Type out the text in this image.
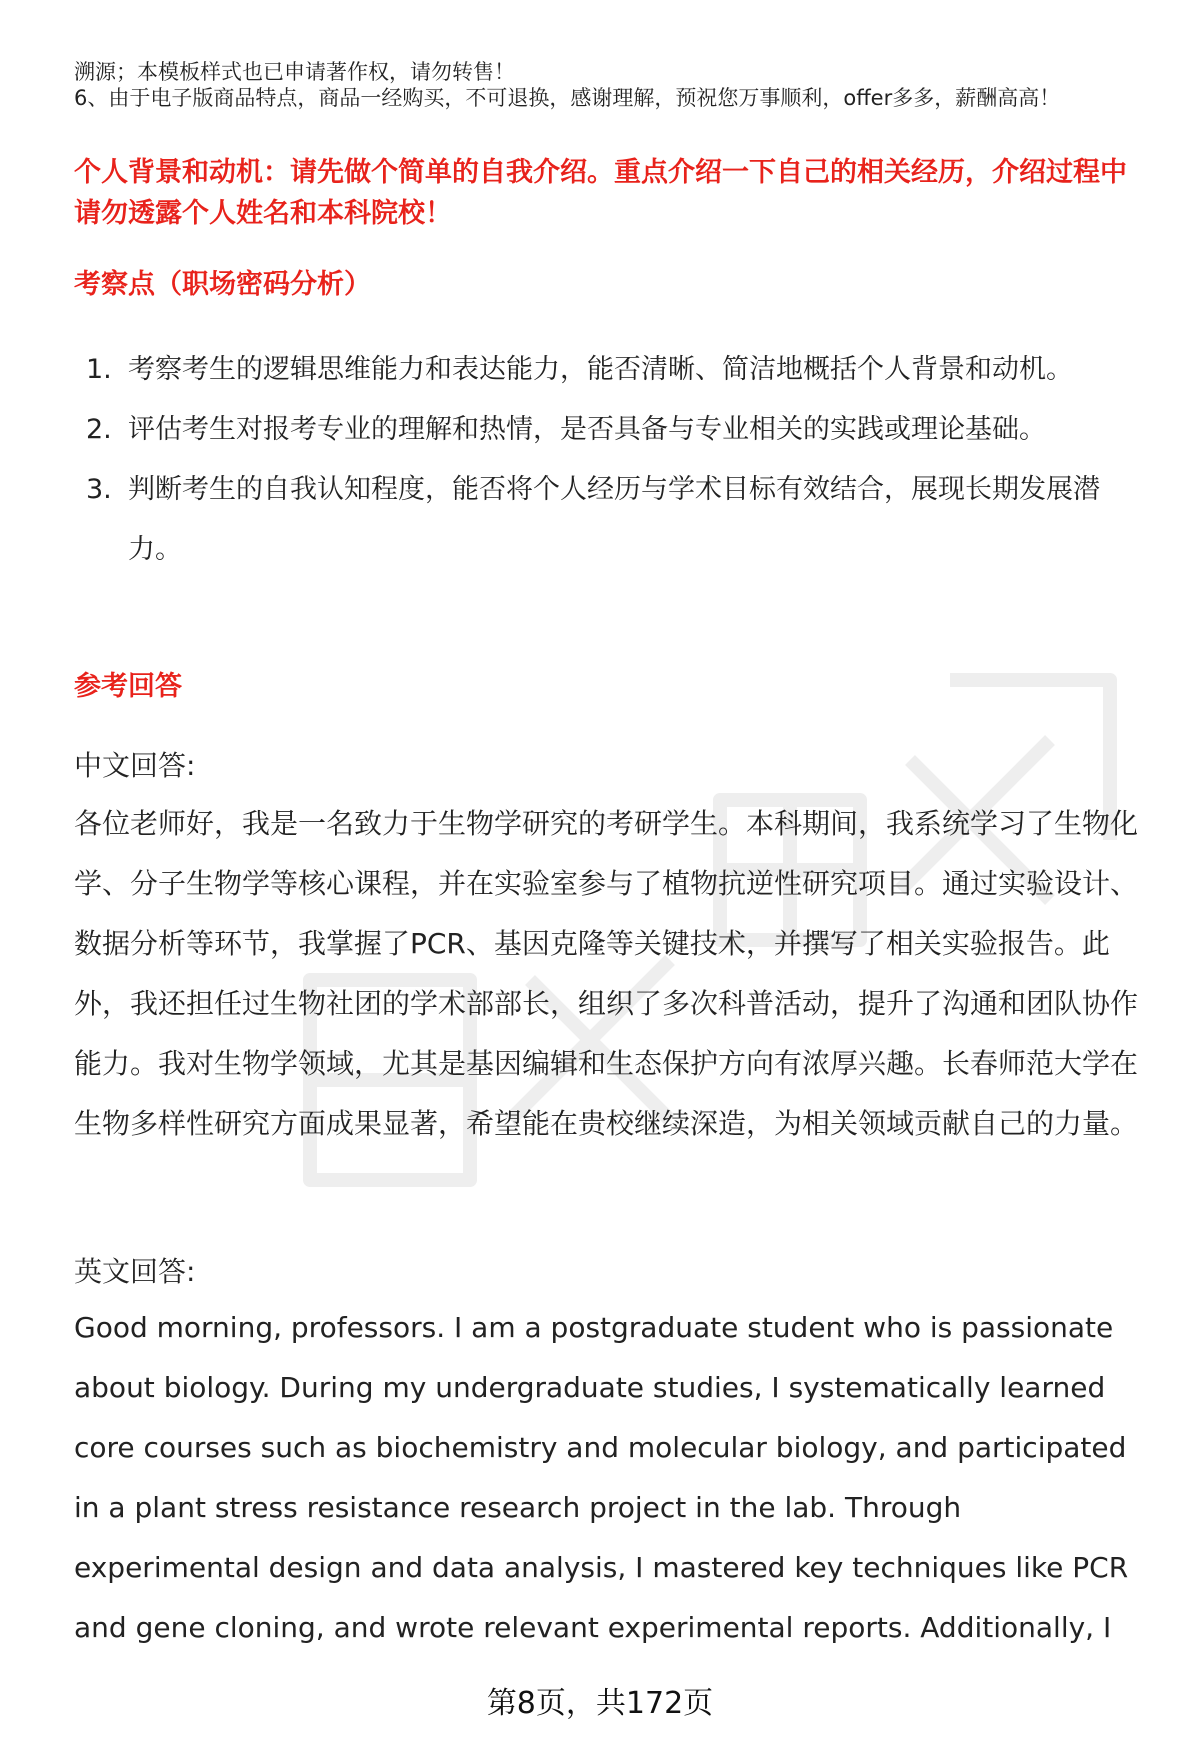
溯源；本模板样式也已申请著作权，请勿转售！
6、由于电子版商品特点，商品一经购买，不可退换，感谢理解，预祝您万事顺利，offer多多，薪酬高高！
个人背景和动机：请先做个简单的自我介绍。重点介绍一下自己的相关经历，介绍过程中请勿透露个人姓名和本科院校！
考察点（职场密码分析）
1. 考察考生的逻辑思维能力和表达能力，能否清晰、简洁地概括个人背景和动机。
2. 评估考生对报考专业的理解和热情，是否具备与专业相关的实践或理论基础。
3. 判断考生的自我认知程度，能否将个人经历与学术目标有效结合，展现长期发展潜力。
参考回答
中文回答:

各位老师好，我是一名致力于生物学研究的考研学生。本科期间，我系统学习了生物化学、分子生物学等核心课程，并在实验室参与了植物抗逆性研究项目。通过实验设计、数据分析等环节，我掌握了PCR、基因克隆等关键技术，并撰写了相关实验报告。此外，我还担任过生物社团的学术部部长，组织了多次科普活动，提升了沟通和团队协作能力。我对生物学领域，尤其是基因编辑和生态保护方向有浓厚兴趣。长春师范大学在生物多样性研究方面成果显著，希望能在贵校继续深造，为相关领域贡献自己的力量。

英文回答:

Good morning, professors. I am a postgraduate student who is passionate about biology. During my undergraduate studies, I systematically learned core courses such as biochemistry and molecular biology, and participated in a plant stress resistance research project in the lab. Through experimental design and data analysis, I mastered key techniques like PCR and gene cloning, and wrote relevant experimental reports. Additionally, I

第8页，共172页
